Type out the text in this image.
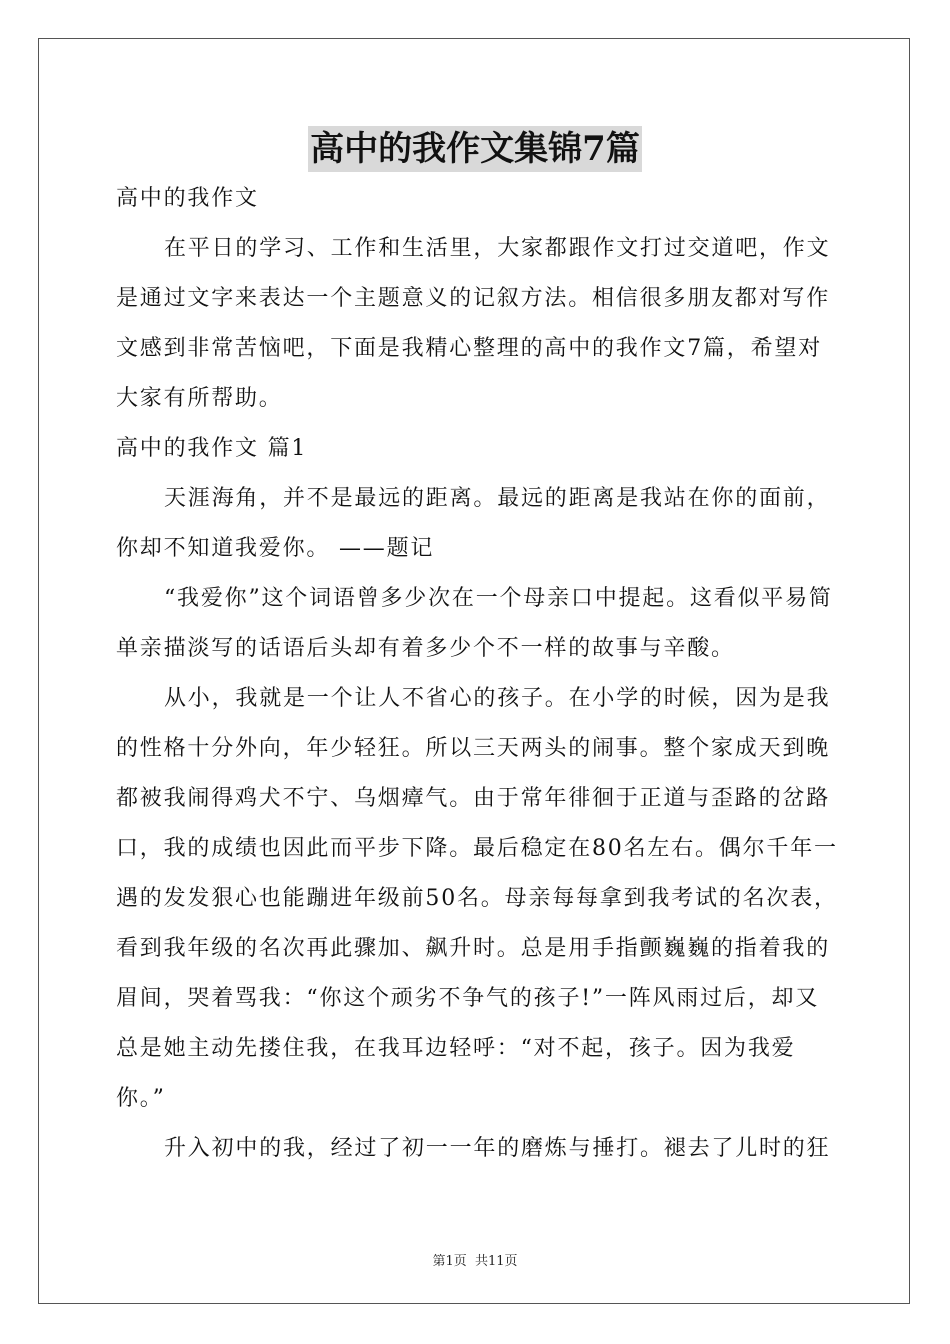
高中的我作文集锦7篇

高中的我作文

在平日的学习、工作和生活里，大家都跟作文打过交道吧，作文是通过文字来表达一个主题意义的记叙方法。相信很多朋友都对写作文感到非常苦恼吧，下面是我精心整理的高中的我作文7篇，希望对大家有所帮助。

高中的我作文 篇1

天涯海角，并不是最远的距离。最远的距离是我站在你的面前，你却不知道我爱你。 ——题记

“我爱你”这个词语曾多少次在一个母亲口中提起。这看似平易简单亲描淡写的话语后头却有着多少个不一样的故事与辛酸。

从小，我就是一个让人不省心的孩子。在小学的时候，因为是我的性格十分外向，年少轻狂。所以三天两头的闹事。整个家成天到晚都被我闹得鸡犬不宁、乌烟瘴气。由于常年徘徊于正道与歪路的岔路口，我的成绩也因此而平步下降。最后稳定在80名左右。偶尔千年一遇的发发狠心也能蹦进年级前50名。母亲每每拿到我考试的名次表，看到我年级的名次再此骤加、飙升时。总是用手指颤巍巍的指着我的眉间，哭着骂我：“你这个顽劣不争气的孩子!”一阵风雨过后，却又总是她主动先搂住我，在我耳边轻呼：“对不起，孩子。因为我爱你。”

升入初中的我，经过了初一一年的磨炼与捶打。褪去了儿时的狂

第1页 共11页
